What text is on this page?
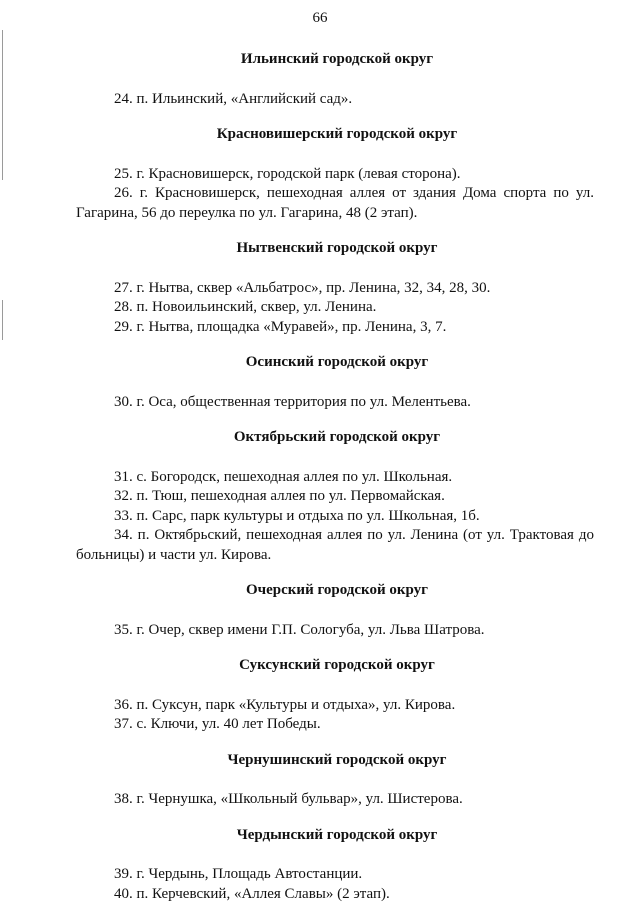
66

Ильинский городской округ

24. п. Ильинский, «Английский сад».

Красновишерский городской округ

25. г. Красновишерск, городской парк (левая сторона).

26. г. Красновишерск, пешеходная аллея от здания Дома спорта по ул. Гагарина, 56 до переулка по ул. Гагарина, 48 (2 этап).

Нытвенский городской округ

27. г. Нытва, сквер «Альбатрос», пр. Ленина, 32, 34, 28, 30.

28. п. Новоильинский, сквер, ул. Ленина.

29. г. Нытва, площадка «Муравей», пр. Ленина, 3, 7.

Осинский городской округ

30. г. Оса, общественная территория по ул. Мелентьева.

Октябрьский городской округ

31. с. Богородск, пешеходная аллея по ул. Школьная.

32. п. Тюш, пешеходная аллея по ул. Первомайская.

33. п. Сарс, парк культуры и отдыха по ул. Школьная, 1б.

34. п. Октябрьский, пешеходная аллея по ул. Ленина (от ул. Трактовая до больницы) и части ул. Кирова.

Очерский городской округ

35. г. Очер, сквер имени Г.П. Сологуба, ул. Льва Шатрова.

Суксунский городской округ

36. п. Суксун, парк «Культуры и отдыха», ул. Кирова.

37. с. Ключи, ул. 40 лет Победы.

Чернушинский городской округ

38. г. Чернушка, «Школьный бульвар», ул. Шистерова.

Чердынский городской округ

39. г. Чердынь, Площадь Автостанции.

40. п. Керчевский, «Аллея Славы» (2 этап).
